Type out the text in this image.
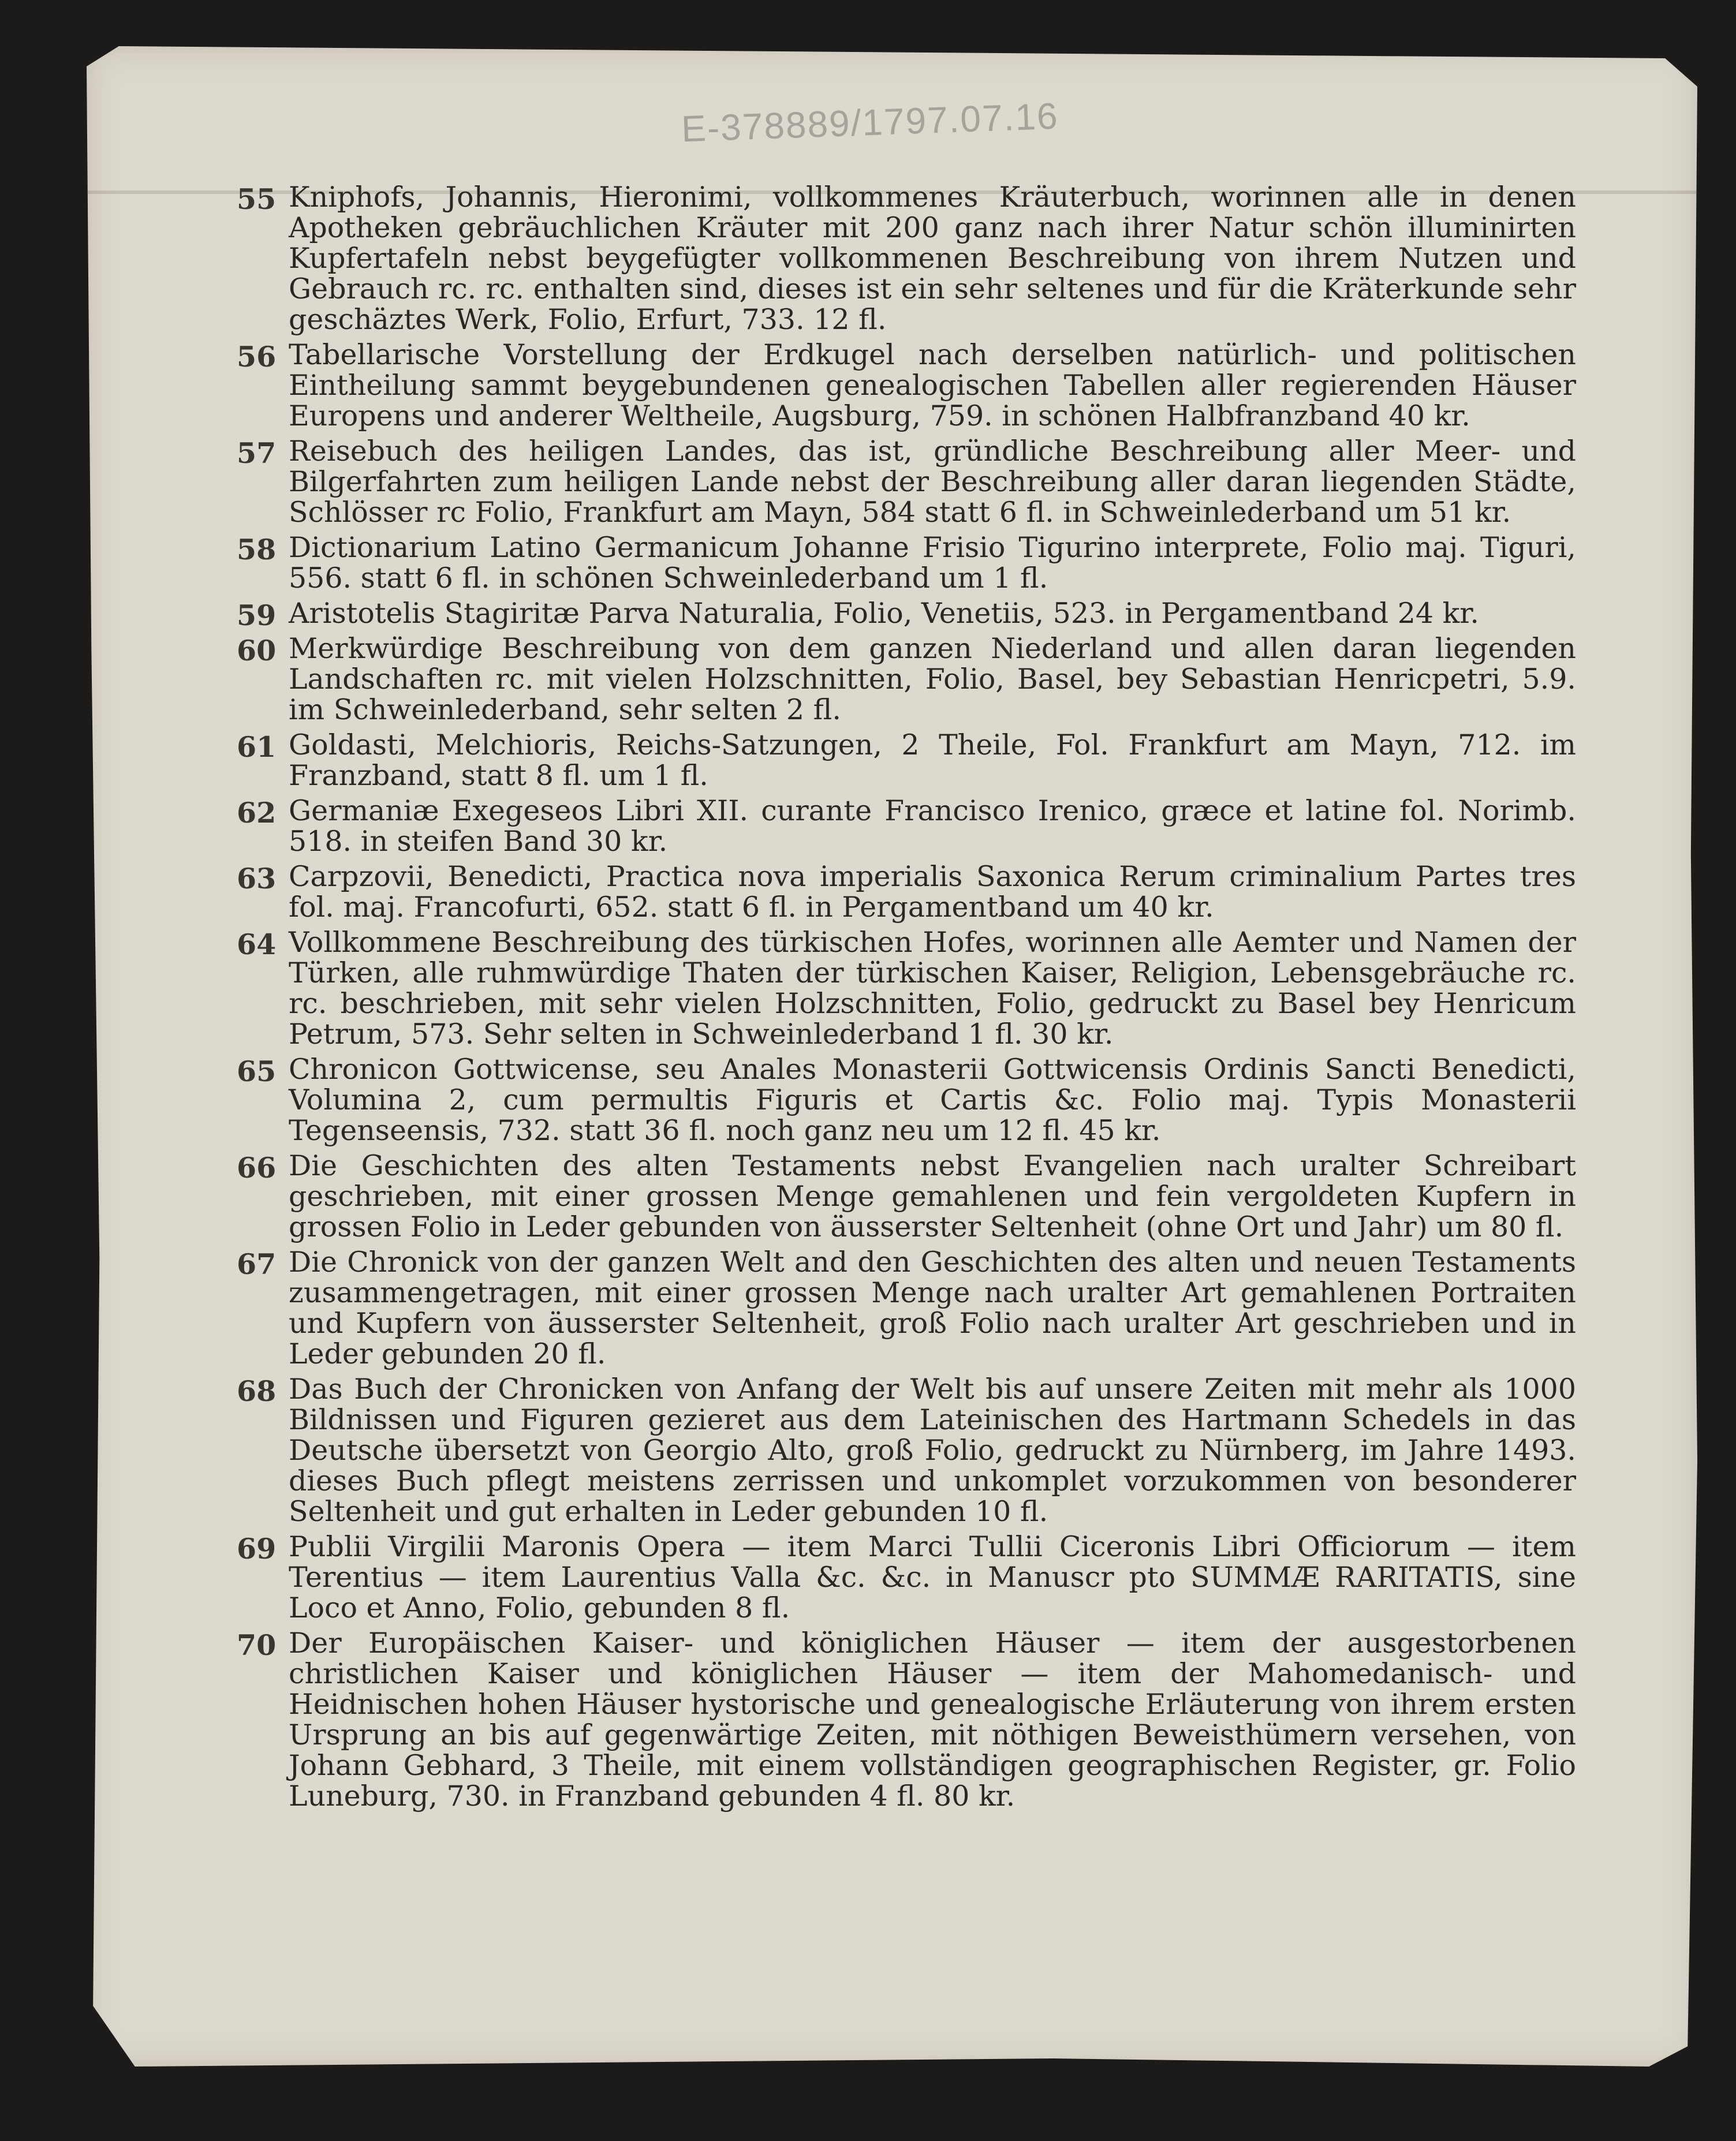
E-378889/1797.07.16
55 Kniphofs, Johannis, Hieronimi, vollkommenes Kräuterbuch, worinnen alle in denen Apotheken gebräuchlichen Kräuter mit 200 ganz nach ihrer Natur schön illuminirten Kupfertafeln nebst beygefügter vollkommenen Beschreibung von ihrem Nutzen und Gebrauch rc. rc. enthalten sind, dieses ist ein sehr seltenes und für die Kräterkunde sehr geschäztes Werk, Folio, Erfurt, 733. 12 fl.
56 Tabellarische Vorstellung der Erdkugel nach derselben natürlich- und politischen Eintheilung sammt beygebundenen genealogischen Tabellen aller regierenden Häuser Europens und anderer Weltheile, Augsburg, 759. in schönen Halbfranzband 40 kr.
57 Reisebuch des heiligen Landes, das ist, gründliche Beschreibung aller Meer- und Bilgerfahrten zum heiligen Lande nebst der Beschreibung aller daran liegenden Städte, Schlösser rc Folio, Frankfurt am Mayn, 584 statt 6 fl. in Schweinlederband um 51 kr.
58 Dictionarium Latino Germanicum Johanne Frisio Tigurino interprete, Folio maj. Tiguri, 556. statt 6 fl. in schönen Schweinlederband um 1 fl.
59 Aristotelis Stagiritæ Parva Naturalia, Folio, Venetiis, 523. in Pergamentband 24 kr.
60 Merkwürdige Beschreibung von dem ganzen Niederland und allen daran liegenden Landschaften rc. mit vielen Holzschnitten, Folio, Basel, bey Sebastian Henricpetri, 5.9. im Schweinlederband, sehr selten 2 fl.
61 Goldasti, Melchioris, Reichs-Satzungen, 2 Theile, Fol. Frankfurt am Mayn, 712. im Franzband, statt 8 fl. um 1 fl.
62 Germaniæ Exegeseos Libri XII. curante Francisco Irenico, græce et latine fol. Norimb. 518. in steifen Band 30 kr.
63 Carpzovii, Benedicti, Practica nova imperialis Saxonica Rerum criminalium Partes tres fol. maj. Francofurti, 652. statt 6 fl. in Pergamentband um 40 kr.
64 Vollkommene Beschreibung des türkischen Hofes, worinnen alle Aemter und Namen der Türken, alle ruhmwürdige Thaten der türkischen Kaiser, Religion, Lebensgebräuche rc. rc. beschrieben, mit sehr vielen Holzschnitten, Folio, gedruckt zu Basel bey Henricum Petrum, 573. Sehr selten in Schweinlederband 1 fl. 30 kr.
65 Chronicon Gottwicense, seu Anales Monasterii Gottwicensis Ordinis Sancti Benedicti, Volumina 2, cum permultis Figuris et Cartis &c. Folio maj. Typis Monasterii Tegenseensis, 732. statt 36 fl. noch ganz neu um 12 fl. 45 kr.
66 Die Geschichten des alten Testaments nebst Evangelien nach uralter Schreibart geschrieben, mit einer grossen Menge gemahlenen und fein vergoldeten Kupfern in grossen Folio in Leder gebunden von äusserster Seltenheit (ohne Ort und Jahr) um 80 fl.
67 Die Chronick von der ganzen Welt and den Geschichten des alten und neuen Testaments zusammengetragen, mit einer grossen Menge nach uralter Art gemahlenen Portraiten und Kupfern von äusserster Seltenheit, groß Folio nach uralter Art geschrieben und in Leder gebunden 20 fl.
68 Das Buch der Chronicken von Anfang der Welt bis auf unsere Zeiten mit mehr als 1000 Bildnissen und Figuren gezieret aus dem Lateinischen des Hartmann Schedels in das Deutsche übersetzt von Georgio Alto, groß Folio, gedruckt zu Nürnberg, im Jahre 1493. dieses Buch pflegt meistens zerrissen und unkomplet vorzukommen von besonderer Seltenheit und gut erhalten in Leder gebunden 10 fl.
69 Publii Virgilii Maronis Opera — item Marci Tullii Ciceronis Libri Officiorum — item Terentius — item Laurentius Valla &c. &c. in Manuscr pto SUMMÆ RARITATIS, sine Loco et Anno, Folio, gebunden 8 fl.
70 Der Europäischen Kaiser- und königlichen Häuser — item der ausgestorbenen christlichen Kaiser und königlichen Häuser — item der Mahomedanisch- und Heidnischen hohen Häuser hystorische und genealogische Erläuterung von ihrem ersten Ursprung an bis auf gegenwärtige Zeiten, mit nöthigen Beweisthümern versehen, von Johann Gebhard, 3 Theile, mit einem vollständigen geographischen Register, gr. Folio Luneburg, 730. in Franzband gebunden 4 fl. 80 kr.
